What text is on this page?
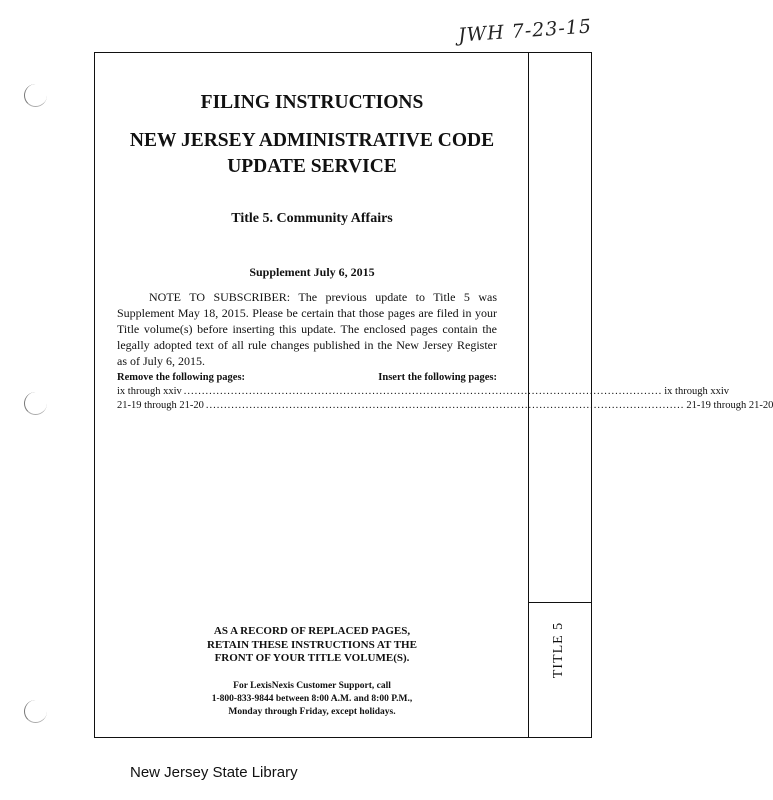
JWH 7-23-15
TITLE 5
FILING INSTRUCTIONS
NEW JERSEY ADMINISTRATIVE CODE
UPDATE SERVICE
Title 5. Community Affairs
Supplement July 6, 2015
NOTE TO SUBSCRIBER: The previous update to Title 5 was Supplement May 18, 2015. Please be certain that those pages are filed in your Title volume(s) before inserting this update. The enclosed pages contain the legally adopted text of all rule changes published in the New Jersey Register as of July 6, 2015.
Remove the following pages:	Insert the following pages:
ix through xxiv .................................................................................................................................... ix through xxiv
21-19 through 21-20 .................................................................................................................................... 21-19 through 21-20
AS A RECORD OF REPLACED PAGES,
RETAIN THESE INSTRUCTIONS AT THE
FRONT OF YOUR TITLE VOLUME(S).
For LexisNexis Customer Support, call
1-800-833-9844 between 8:00 A.M. and 8:00 P.M.,
Monday through Friday, except holidays.
New Jersey State Library
